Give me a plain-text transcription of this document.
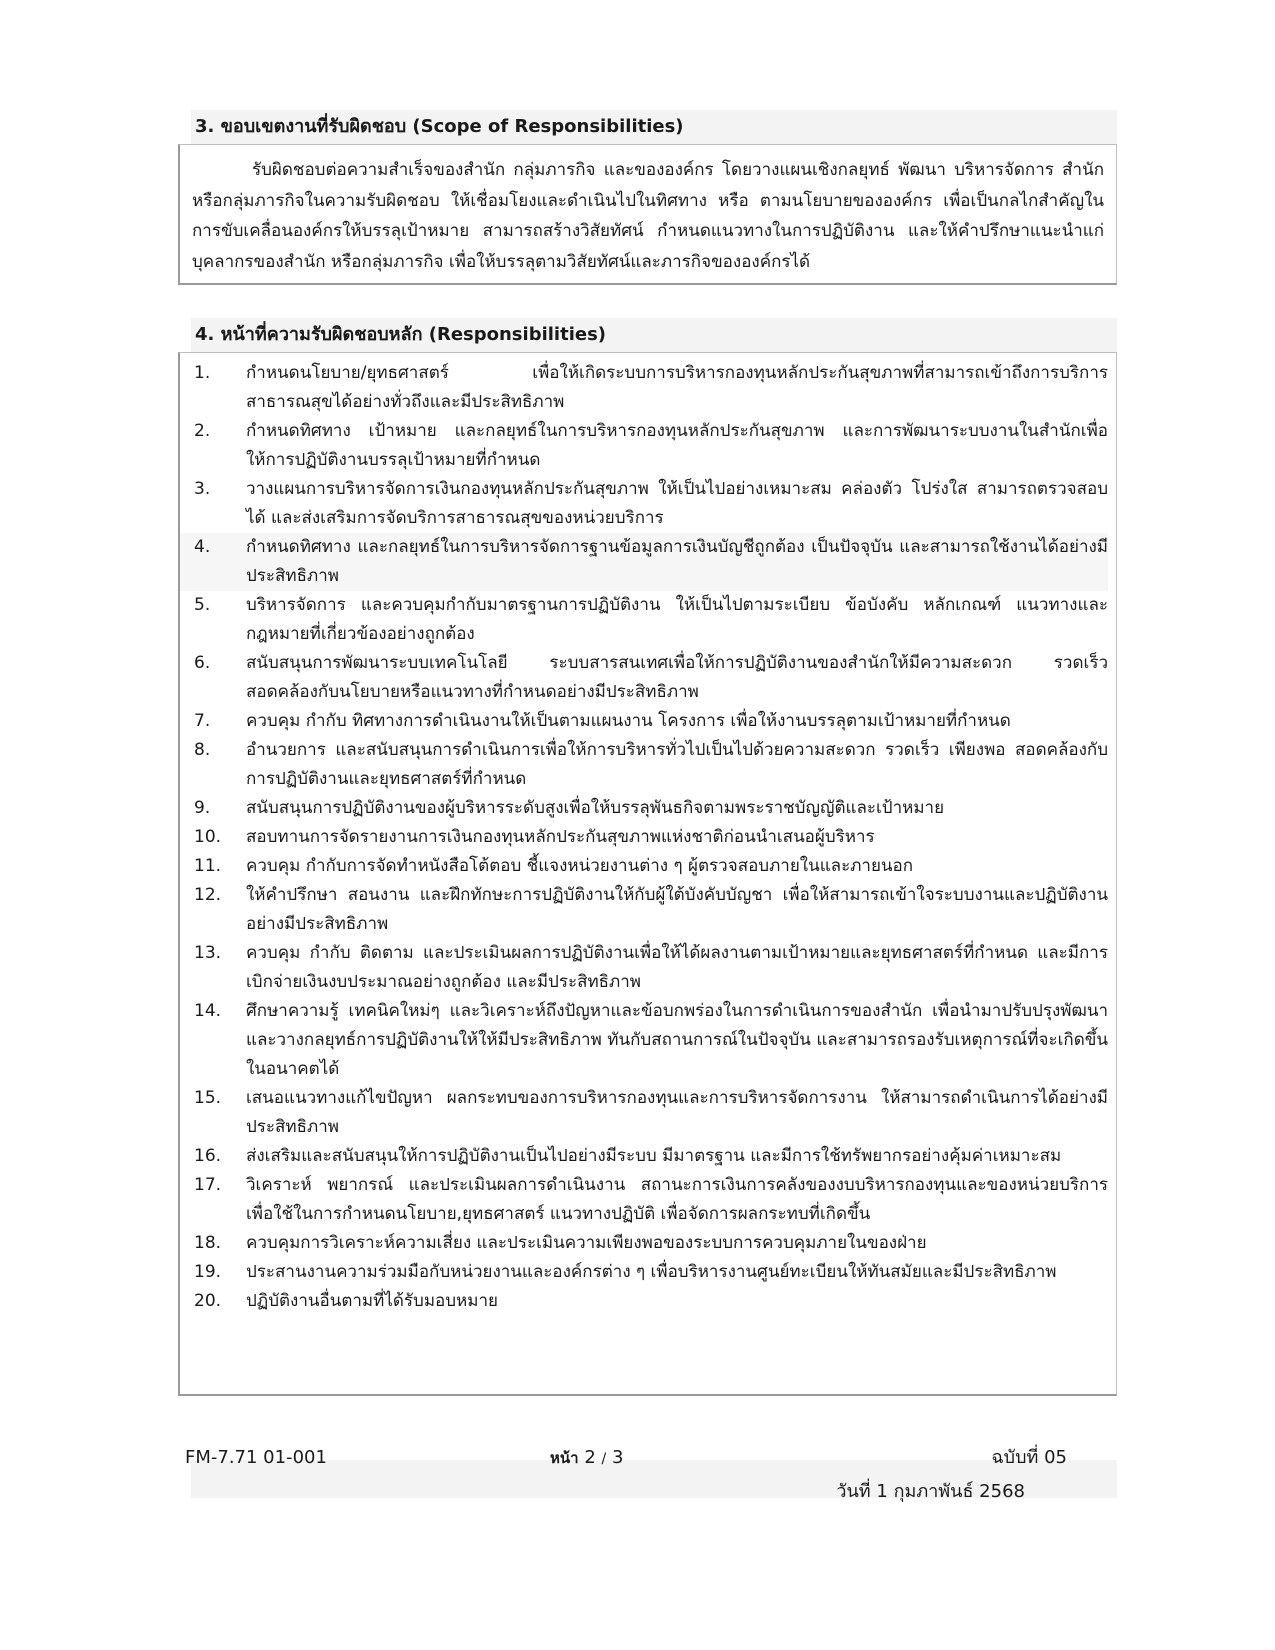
3. ขอบเขตงานที่รับผิดชอบ (Scope of Responsibilities)

รับผิดชอบต่อความสำเร็จของสำนัก กลุ่มภารกิจ และขององค์กร โดยวางแผนเชิงกลยุทธ์ พัฒนา บริหารจัดการ สำนัก หรือกลุ่มภารกิจในความรับผิดชอบ ให้เชื่อมโยงและดำเนินไปในทิศทาง หรือ ตามนโยบายขององค์กร เพื่อเป็นกลไกสำคัญในการขับเคลื่อนองค์กรให้บรรลุเป้าหมาย สามารถสร้างวิสัยทัศน์ กำหนดแนวทางในการปฏิบัติงาน และให้คำปรึกษาแนะนำแก่บุคลากรของสำนัก หรือกลุ่มภารกิจ เพื่อให้บรรลุตามวิสัยทัศน์และภารกิจขององค์กรได้

4. หน้าที่ความรับผิดชอบหลัก (Responsibilities)
1.	กำหนดนโยบาย/ยุทธศาสตร์ เพื่อให้เกิดระบบการบริหารกองทุนหลักประกันสุขภาพที่สามารถเข้าถึงการบริการสาธารณสุขได้อย่างทั่วถึงและมีประสิทธิภาพ
2.	กำหนดทิศทาง เป้าหมาย และกลยุทธ์ในการบริหารกองทุนหลักประกันสุขภาพ และการพัฒนาระบบงานในสำนักเพื่อให้การปฏิบัติงานบรรลุเป้าหมายที่กำหนด
3.	วางแผนการบริหารจัดการเงินกองทุนหลักประกันสุขภาพ ให้เป็นไปอย่างเหมาะสม คล่องตัว โปร่งใส สามารถตรวจสอบได้ และส่งเสริมการจัดบริการสาธารณสุขของหน่วยบริการ
4.	กำหนดทิศทาง และกลยุทธ์ในการบริหารจัดการฐานข้อมูลการเงินบัญชีถูกต้อง เป็นปัจจุบัน และสามารถใช้งานได้อย่างมีประสิทธิภาพ
5.	บริหารจัดการ และควบคุมกำกับมาตรฐานการปฏิบัติงาน ให้เป็นไปตามระเบียบ ข้อบังคับ หลักเกณฑ์ แนวทางและกฎหมายที่เกี่ยวข้องอย่างถูกต้อง
6.	สนับสนุนการพัฒนาระบบเทคโนโลยี ระบบสารสนเทศเพื่อให้การปฏิบัติงานของสำนักให้มีความสะดวก รวดเร็ว สอดคล้องกับนโยบายหรือแนวทางที่กำหนดอย่างมีประสิทธิภาพ
7.	ควบคุม กำกับ ทิศทางการดำเนินงานให้เป็นตามแผนงาน โครงการ เพื่อให้งานบรรลุตามเป้าหมายที่กำหนด
8.	อำนวยการ และสนับสนุนการดำเนินการเพื่อให้การบริหารทั่วไปเป็นไปด้วยความสะดวก รวดเร็ว เพียงพอ สอดคล้องกับการปฏิบัติงานและยุทธศาสตร์ที่กำหนด
9.	สนับสนุนการปฏิบัติงานของผู้บริหารระดับสูงเพื่อให้บรรลุพันธกิจตามพระราชบัญญัติและเป้าหมาย
10.	สอบทานการจัดรายงานการเงินกองทุนหลักประกันสุขภาพแห่งชาติก่อนนำเสนอผู้บริหาร
11.	ควบคุม กำกับการจัดทำหนังสือโต้ตอบ ชี้แจงหน่วยงานต่าง ๆ ผู้ตรวจสอบภายในและภายนอก
12.	ให้คำปรึกษา สอนงาน และฝึกทักษะการปฏิบัติงานให้กับผู้ใต้บังคับบัญชา เพื่อให้สามารถเข้าใจระบบงานและปฏิบัติงานอย่างมีประสิทธิภาพ
13.	ควบคุม กำกับ ติดตาม และประเมินผลการปฏิบัติงานเพื่อให้ได้ผลงานตามเป้าหมายและยุทธศาสตร์ที่กำหนด และมีการเบิกจ่ายเงินงบประมาณอย่างถูกต้อง และมีประสิทธิภาพ
14.	ศึกษาความรู้ เทคนิคใหม่ๆ และวิเคราะห์ถึงปัญหาและข้อบกพร่องในการดำเนินการของสำนัก เพื่อนำมาปรับปรุงพัฒนาและวางกลยุทธ์การปฏิบัติงานให้ให้มีประสิทธิภาพ ทันกับสถานการณ์ในปัจจุบัน และสามารถรองรับเหตุการณ์ที่จะเกิดขึ้นในอนาคตได้
15.	เสนอแนวทางแก้ไขปัญหา ผลกระทบของการบริหารกองทุนและการบริหารจัดการงาน ให้สามารถดำเนินการได้อย่างมีประสิทธิภาพ
16.	ส่งเสริมและสนับสนุนให้การปฏิบัติงานเป็นไปอย่างมีระบบ มีมาตรฐาน และมีการใช้ทรัพยากรอย่างคุ้มค่าเหมาะสม
17.	วิเคราะห์ พยากรณ์ และประเมินผลการดำเนินงาน สถานะการเงินการคลังของงบบริหารกองทุนและของหน่วยบริการ เพื่อใช้ในการกำหนดนโยบาย,ยุทธศาสตร์ แนวทางปฏิบัติ เพื่อจัดการผลกระทบที่เกิดขึ้น
18.	ควบคุมการวิเคราะห์ความเสี่ยง และประเมินความเพียงพอของระบบการควบคุมภายในของฝ่าย
19.	ประสานงานความร่วมมือกับหน่วยงานและองค์กรต่าง ๆ เพื่อบริหารงานศูนย์ทะเบียนให้ทันสมัยและมีประสิทธิภาพ
20.	ปฏิบัติงานอื่นตามที่ได้รับมอบหมาย
FM-7.71 01-001	หน้า 2 / 3	ฉบับที่ 05
วันที่ 1 กุมภาพันธ์ 2568
